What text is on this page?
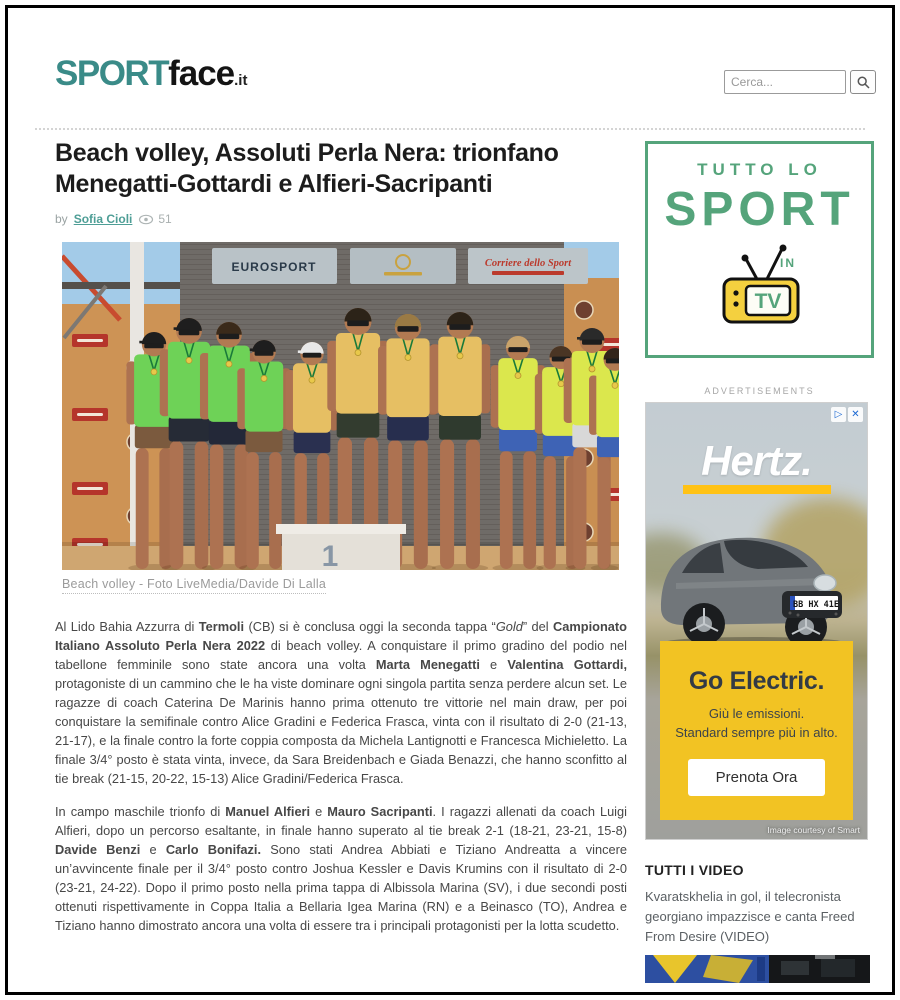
SPORTface.it
Cerca...
Beach volley, Assoluti Perla Nera: trionfano Menegatti-Gottardi e Alfieri-Sacripanti
by Sofia Cioli 51
EUROSPORT	Corriere dello Sport
1
Beach volley - Foto LiveMedia/Davide Di Lalla

Al Lido Bahia Azzurra di Termoli (CB) si è conclusa oggi la seconda tappa “Gold” del Campionato Italiano Assoluto Perla Nera 2022 di beach volley. A conquistare il primo gradino del podio nel tabellone femminile sono state ancora una volta Marta Menegatti e Valentina Gottardi, protagoniste di un cammino che le ha viste dominare ogni singola partita senza perdere alcun set. Le ragazze di coach Caterina De Marinis hanno prima ottenuto tre vittorie nel main draw, per poi conquistare la semifinale contro Alice Gradini e Federica Frasca, vinta con il risultato di 2-0 (21-13, 21-17), e la finale contro la forte coppia composta da Michela Lantignotti e Francesca Michieletto. La finale 3/4° posto è stata vinta, invece, da Sara Breidenbach e Giada Benazzi, che hanno sconfitto al tie break (21-15, 20-22, 15-13) Alice Gradini/Federica Frasca.

In campo maschile trionfo di Manuel Alfieri e Mauro Sacripanti. I ragazzi allenati da coach Luigi Alfieri, dopo un percorso esaltante, in finale hanno superato al tie break 2-1 (18-21, 23-21, 15-8) Davide Benzi e Carlo Bonifazi. Sono stati Andrea Abbiati e Tiziano Andreatta a vincere un’avvincente finale per il 3/4° posto contro Joshua Kessler e Davis Krumins con il risultato di 2-0 (23-21, 24-22). Dopo il primo posto nella prima tappa di Albissola Marina (SV), i due secondi posti ottenuti rispettivamente in Coppa Italia a Bellaria Igea Marina (RN) e a Beinasco (TO), Andrea e Tiziano hanno dimostrato ancora una volta di essere tra i principali protagonisti per la lotta scudetto.

TUTTO LO
SPORT
IN
TV
ADVERTISEMENTS
▷ ✕
Hertz.
BB HX 41E
Go Electric.
Giù le emissioni.
Standard sempre più in alto.
Prenota Ora
Image courtesy of Smart
TUTTI I VIDEO
Kvaratskhelia in gol, il telecronista georgiano impazzisce e canta Freed From Desire (VIDEO)
